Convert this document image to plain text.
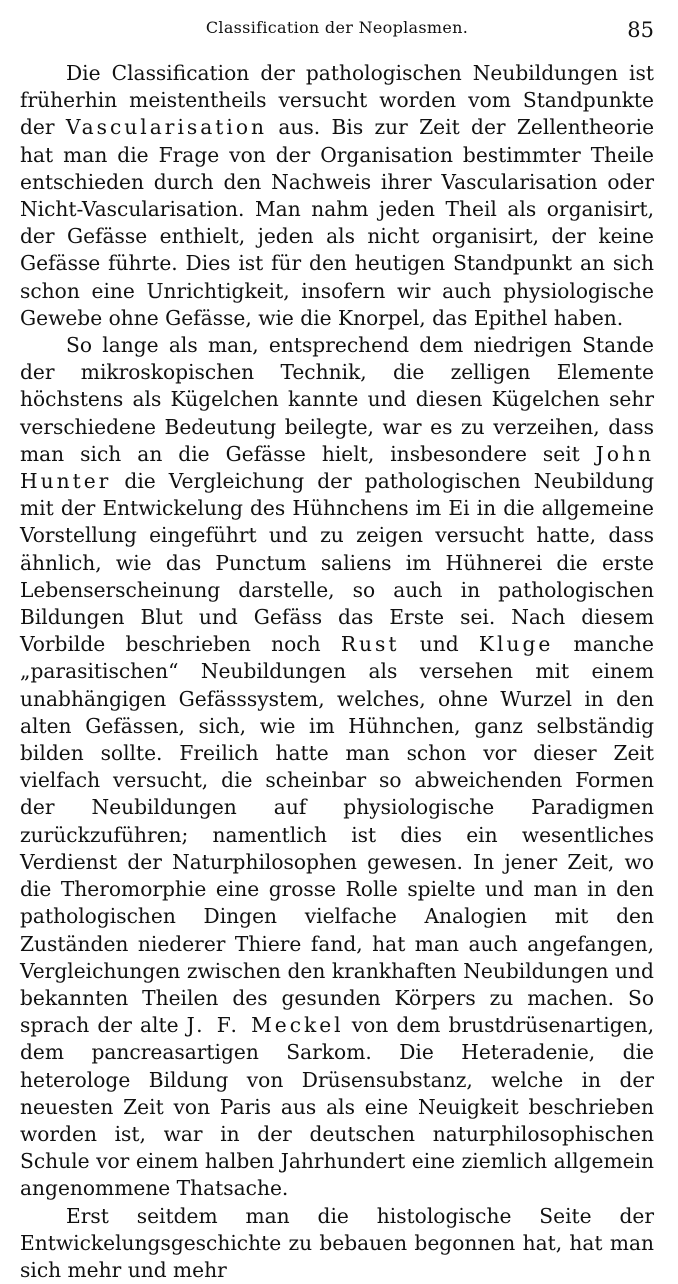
Classification der Neoplasmen.	85

Die Classification der pathologischen Neubildungen ist früherhin meistentheils versucht worden vom Standpunkte der Vascularisation aus. Bis zur Zeit der Zellentheorie hat man die Frage von der Organisation bestimmter Theile entschieden durch den Nachweis ihrer Vascularisation oder Nicht-Vascularisation. Man nahm jeden Theil als organisirt, der Gefässe enthielt, jeden als nicht organisirt, der keine Gefässe führte. Dies ist für den heutigen Standpunkt an sich schon eine Unrichtigkeit, insofern wir auch physiologische Gewebe ohne Gefässe, wie die Knorpel, das Epithel haben.

So lange als man, entsprechend dem niedrigen Stande der mikroskopischen Technik, die zelligen Elemente höchstens als Kügelchen kannte und diesen Kügelchen sehr verschiedene Bedeutung beilegte, war es zu verzeihen, dass man sich an die Gefässe hielt, insbesondere seit John Hunter die Vergleichung der pathologischen Neubildung mit der Entwickelung des Hühnchens im Ei in die allgemeine Vorstellung eingeführt und zu zeigen versucht hatte, dass ähnlich, wie das Punctum saliens im Hühnerei die erste Lebenserscheinung darstelle, so auch in pathologischen Bildungen Blut und Gefäss das Erste sei. Nach diesem Vorbilde beschrieben noch Rust und Kluge manche „parasitischen“ Neubildungen als versehen mit einem unabhängigen Gefässsystem, welches, ohne Wurzel in den alten Gefässen, sich, wie im Hühnchen, ganz selbständig bilden sollte. Freilich hatte man schon vor dieser Zeit vielfach versucht, die scheinbar so abweichenden Formen der Neubildungen auf physiologische Paradigmen zurückzuführen; namentlich ist dies ein wesentliches Verdienst der Naturphilosophen gewesen. In jener Zeit, wo die Theromorphie eine grosse Rolle spielte und man in den pathologischen Dingen vielfache Analogien mit den Zuständen niederer Thiere fand, hat man auch angefangen, Vergleichungen zwischen den krankhaften Neubildungen und bekannten Theilen des gesunden Körpers zu machen. So sprach der alte J. F. Meckel von dem brustdrüsenartigen, dem pancreasartigen Sarkom. Die Heteradenie, die heterologe Bildung von Drüsensubstanz, welche in der neuesten Zeit von Paris aus als eine Neuigkeit beschrieben worden ist, war in der deutschen naturphilosophischen Schule vor einem halben Jahrhundert eine ziemlich allgemein angenommene Thatsache.

Erst seitdem man die histologische Seite der Entwickelungsgeschichte zu bebauen begonnen hat, hat man sich mehr und mehr
